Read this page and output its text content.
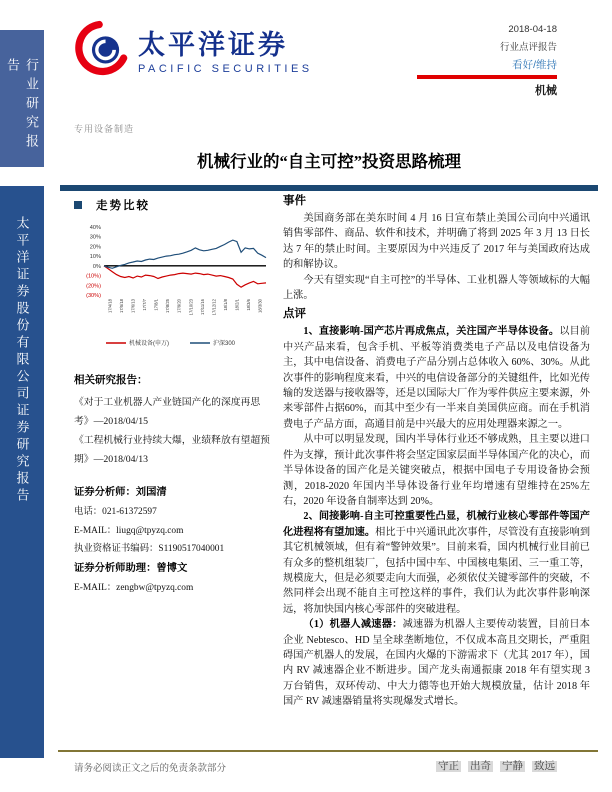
行业研究报告
太平洋证券股份有限公司证券研究报告
太平洋证券
PACIFIC SECURITIES
2018-04-18
行业点评报告
看好/维持
机械
专用设备制造
机械行业的“自主可控”投资思路梳理
走势比较
40%
30%
20%
10%
0%
(10%)
(20%)
(30%)
17/4/18 17/5/18 17/6/13 17/7/7 17/8/1 17/8/25 17/9/20 17/10/23 17/11/16 17/12/12 18/1/8 18/2/1 18/3/6 18/3/30
机械设备(申万)	沪深300
相关研究报告：
《对于工业机器人产业链国产化的深度再思考》—2018/04/15
《工程机械行业持续大爆，业绩释放有望超预期》—2018/04/13
证券分析师：刘国清
电话：021-61372597
E-MAIL：liugq@tpyzq.com
执业资格证书编码：S1190517040001
证券分析师助理：曾博文
E-MAIL：zengbw@tpyzq.com
事件

美国商务部在美东时间 4 月 16 日宣布禁止美国公司向中兴通讯销售零部件、商品、软件和技术，并明确了将到 2025 年 3 月 13 日长达 7 年的禁止时间。主要原因为中兴违反了 2017 年与美国政府达成的和解协议。

今天有望实现“自主可控”的半导体、工业机器人等领域标的大幅上涨。

点评

1、直接影响-国产芯片再成焦点，关注国产半导体设备。以目前中兴产品来看，包含手机、平板等消费类电子产品以及电信设备为主，其中电信设备、消费电子产品分别占总体收入 60%、30%。从此次事件的影响程度来看，中兴的电信设备部分的关键组件，比如光传输的发送器与接收器等，还是以国际大厂作为零件供应主要来源，外来零部件占据60%，而其中至少有一半来自美国供应商。而在手机消费电子产品方面，高通目前是中兴最大的应用处理器来源之一。

从中可以明显发现，国内半导体行业还不够成熟，且主要以进口件为支撑，预计此次事件将会坚定国家层面半导体国产化的决心，而半导体设备的国产化是关键突破点，根据中国电子专用设备协会预测，2018-2020 年国内半导体设备行业年均增速有望维持在25%左右，2020 年设备自制率达到 20%。

2、间接影响-自主可控重要性凸显，机械行业核心零部件等国产化进程将有望加速。相比于中兴通讯此次事件，尽管没有直接影响到其它机械领域，但有着“警钟效果”。目前来看，国内机械行业目前已有众多的整机组装厂，包括中国中车、中国核电集团、三一重工等，规模庞大，但是必须要走向大而强，必须依仗关键零部件的突破，不然同样会出现不能自主可控这样的事件，我们认为此次事件影响深远，将加快国内核心零部件的突破进程。

（1）机器人减速器：减速器为机器人主要传动装置，目前日本企业 Nebtesco、HD 呈全球垄断地位，不仅成本高且交期长，严重阻碍国产机器人的发展，在国内火爆的下游需求下（尤其 2017 年），国内 RV 减速器企业不断进步。国产龙头南通振康 2018 年有望实现 3 万台销售，双环传动、中大力德等也开始大规模放量，估计 2018 年国产 RV 减速器销量将实现爆发式增长。

请务必阅读正文之后的免责条款部分	守正 出奇 宁静 致远
